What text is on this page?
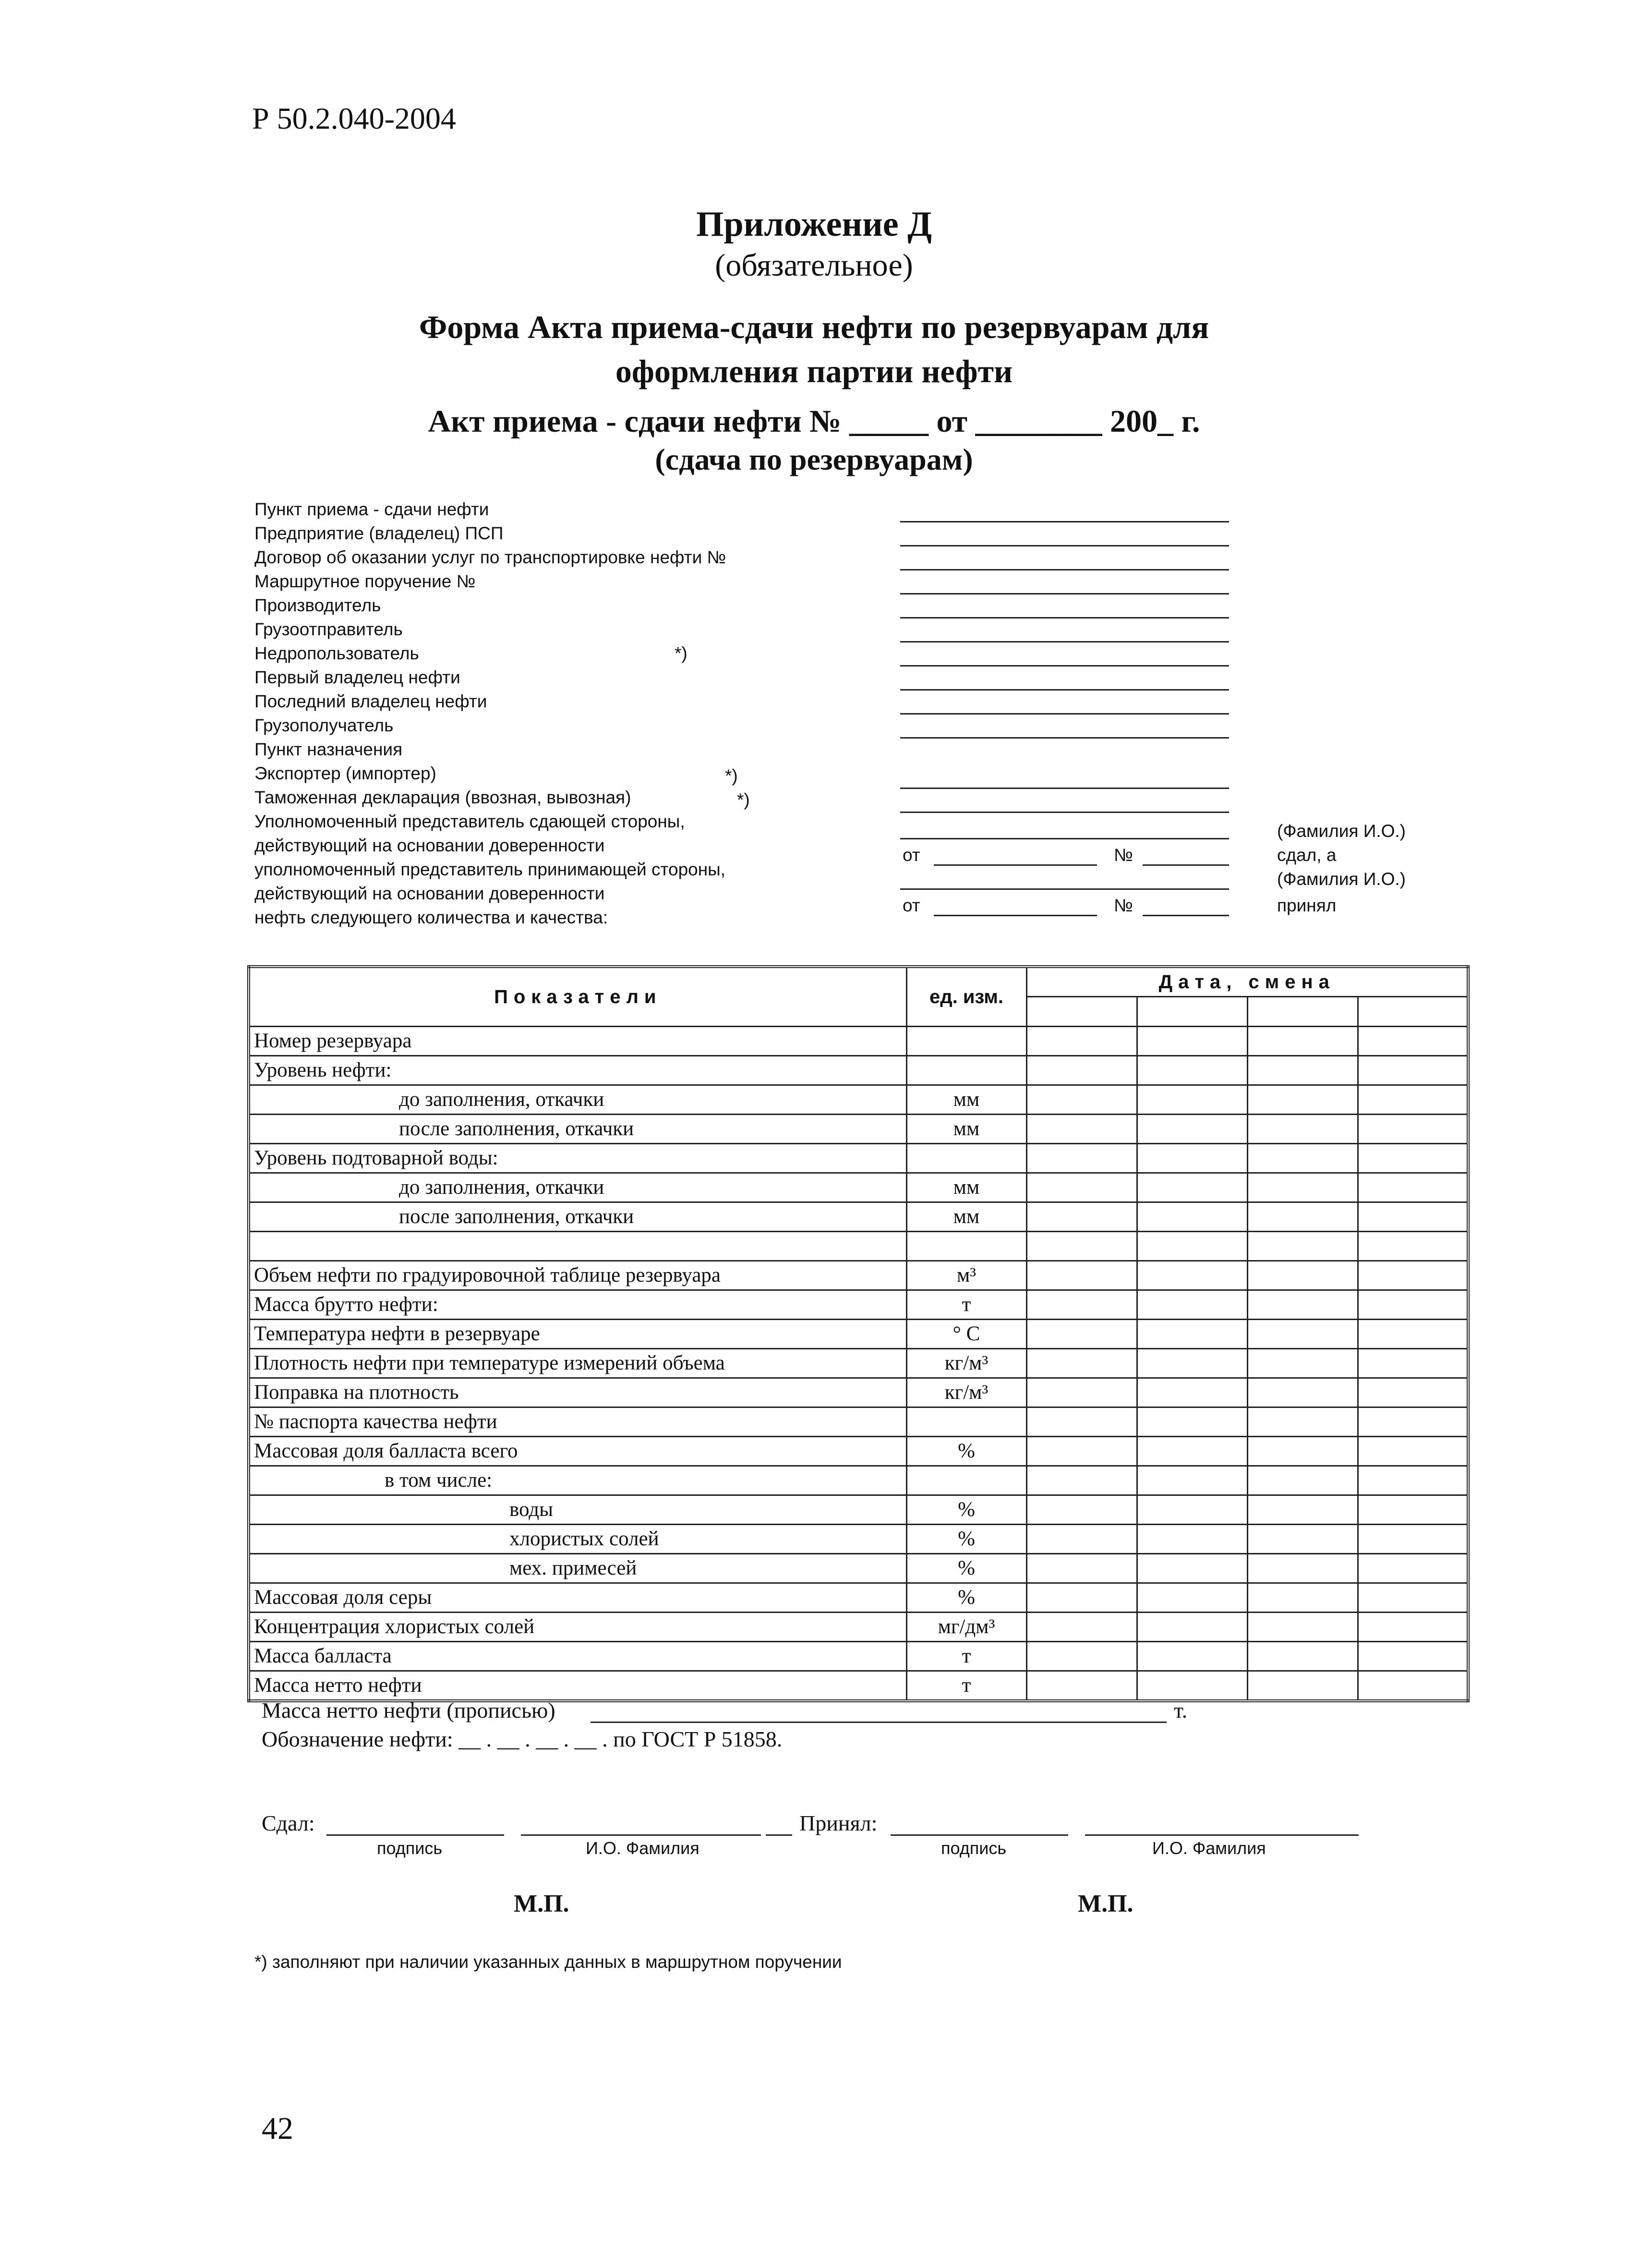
Р 50.2.040-2004
Приложение Д
(обязательное)
Форма Акта приема-сдачи нефти по резервуарам для
оформления партии нефти
Акт приема - сдачи нефти № _____ от ________ 200_ г.
(сдача по резервуарам)
Пункт приема - сдачи нефти
Предприятие (владелец) ПСП
Договор об оказании услуг по транспортировке нефти №
Маршрутное поручение №
Производитель
Грузоотправитель
Недропользователь
Первый владелец нефти
Последний владелец нефти
Грузополучатель
Пункт назначения
Экспортер (импортер)
Таможенная декларация (ввозная, вывозная)
Уполномоченный представитель сдающей стороны,
действующий на основании доверенности
уполномоченный представитель принимающей стороны,
действующий на основании доверенности
нефть следующего количества и качества:
*)
*)
*)
от	№
от	№
(Фамилия И.О.)
сдал, а
(Фамилия И.О.)
принял
Показатели	ед. изм.	Дата, смена			

Номер резервуара					
Уровень нефти:					
до заполнения, откачки	мм				
после заполнения, откачки	мм				
Уровень подтоварной воды:					
до заполнения, откачки	мм				
после заполнения, откачки	мм				

Объем нефти по градуировочной таблице резервуара	м³				
Масса брутто нефти:	т				
Температура нефти в резервуаре	° С				
Плотность нефти при температуре измерений объема	кг/м³				
Поправка на плотность	кг/м³				
№ паспорта качества нефти					
Массовая доля балласта всего	%				
в том числе:					
воды	%				
хлористых солей	%				
мех. примесей	%				
Массовая доля серы	%				
Концентрация хлористых солей	мг/дм³				
Масса балласта	т				
Масса нетто нефти	т				
Масса нетто нефти (прописью)	т.
Обозначение нефти: __ . __ . __ . __ . по ГОСТ Р 51858.
Сдал:	Принял:
подпись	И.О. Фамилия	подпись	И.О. Фамилия
М.П.	М.П.
*) заполняют при наличии указанных данных в маршрутном поручении
42
